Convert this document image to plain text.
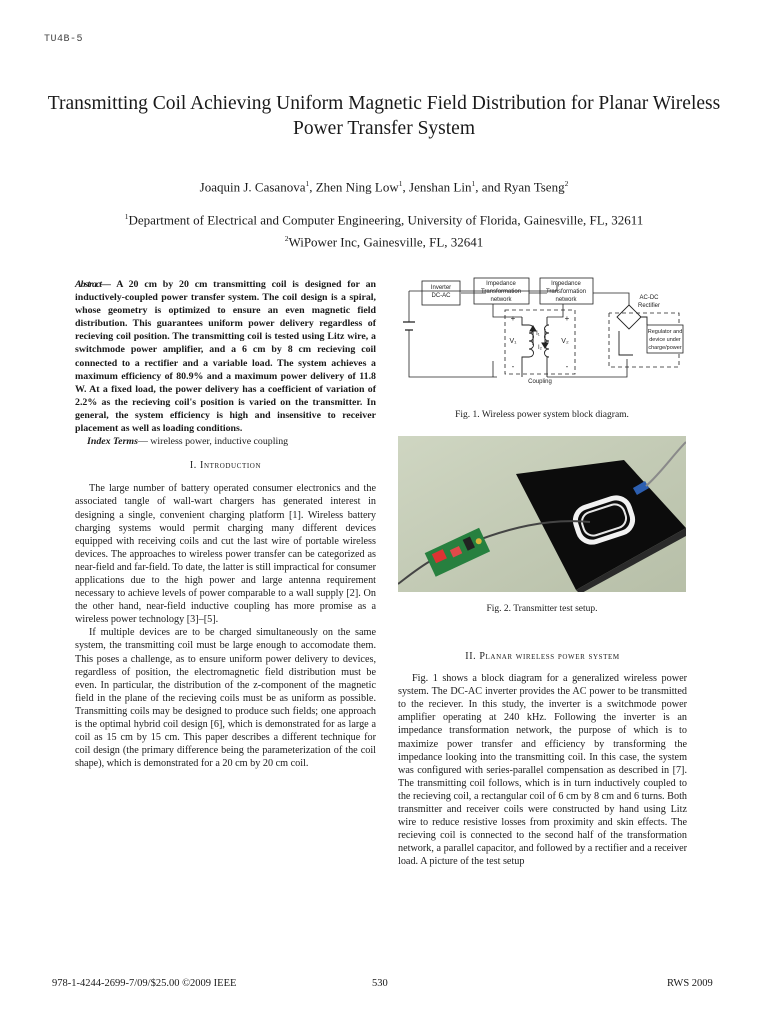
TU4B-5
Transmitting Coil Achieving Uniform Magnetic Field Distribution for Planar Wireless Power Transfer System
Joaquin J. Casanova$^1$, Zhen Ning Low$^1$, Jenshan Lin$^1$, and Ryan Tseng$^2$
$^1$Department of Electrical and Computer Engineering, University of Florida, Gainesville, FL, 32611
$^2$WiPower Inc, Gainesville, FL, 32641

Abstract— A 20 cm by 20 cm transmitting coil is designed for an inductively-coupled power transfer system. The coil design is a spiral, whose geometry is optimized to ensure an even magnetic field distribution. This guarantees uniform power delivery regardless of recieving coil position. The transmitting coil is tested using Litz wire, a switchmode power amplifier, and a 6 cm by 8 cm recieving coil connected to a rectifier and a variable load. The system achieves a maximum efficiency of 80.9% and a maximum power delivery of 11.8 W. At a fixed load, the power delivery has a coefficient of variation of 2.2% as the recieving coil's position is varied on the transmitter. In general, the system efficiency is high and insensitive to receiver placement as well as loading conditions.

Index Terms— wireless power, inductive coupling

I. Introduction

The large number of battery operated consumer electronics and the associated tangle of wall-wart chargers has generated interest in designing a single, convenient charging platform [1]. Wireless battery charging systems would permit charging many different devices equipped with receiving coils and cut the last wire of portable wireless devices. The approaches to wireless power transfer can be categorized as near-field and far-field. To date, the latter is still impractical for consumer applications due to the high power and large antenna requirement necessary to achieve levels of power comparable to a wall supply [2]. On the other hand, near-field inductive coupling has more promise as a wireless power technology [3]–[5].

If multiple devices are to be charged simultaneously on the same system, the transmitting coil must be large enough to accomodate them. This poses a challenge, as to ensure uniform power delivery to devices, regardless of position, the electromagnetic field distribution must be even. In particular, the distribution of the z-component of the magnetic field in the plane of the recieving coils must be as uniform as possible. Transmitting coils may be designed to produce such fields; one approach is the optimal hybrid coil design [6], which is demonstrated for as large a coil as 15 cm by 15 cm. This paper describes a different technique for coil design (the primary difference being the parameterization of the coil shape), which is demonstrated for a 20 cm by 20 cm coil.

Inverter
DC-AC
Impedance
Transformation
network
Impedance
Transformation
network	AC-DC
Rectifier
Regulator and
device under
charge/power
Coupling
V₁	V₂
I₁
I₂
+	+
-	-
Fig. 1. Wireless power system block diagram.
Fig. 2. Transmitter test setup.
II. Planar wireless power system

Fig. 1 shows a block diagram for a generalized wireless power system. The DC-AC inverter provides the AC power to be transmitted to the reciever. In this study, the inverter is a switchmode power amplifier operating at 240 kHz. Following the inverter is an impedance transformation network, the purpose of which is to maximize power transfer and efficiency by transforming the impedance looking into the transmitting coil. In this case, the system was configured with series-parallel compensation as described in [7]. The transmitting coil follows, which is in turn inductively coupled to the recieving coil, a rectangular coil of 6 cm by 8 cm and 6 turns. Both transmitter and receiver coils were constructed by hand using Litz wire to reduce resistive losses from proximity and skin effects. The recieving coil is connected to the second half of the transformation network, a parallel capacitor, and followed by a rectifier and a receiver load. A picture of the test setup

978-1-4244-2699-7/09/$25.00 ©2009 IEEE	530	RWS 2009
